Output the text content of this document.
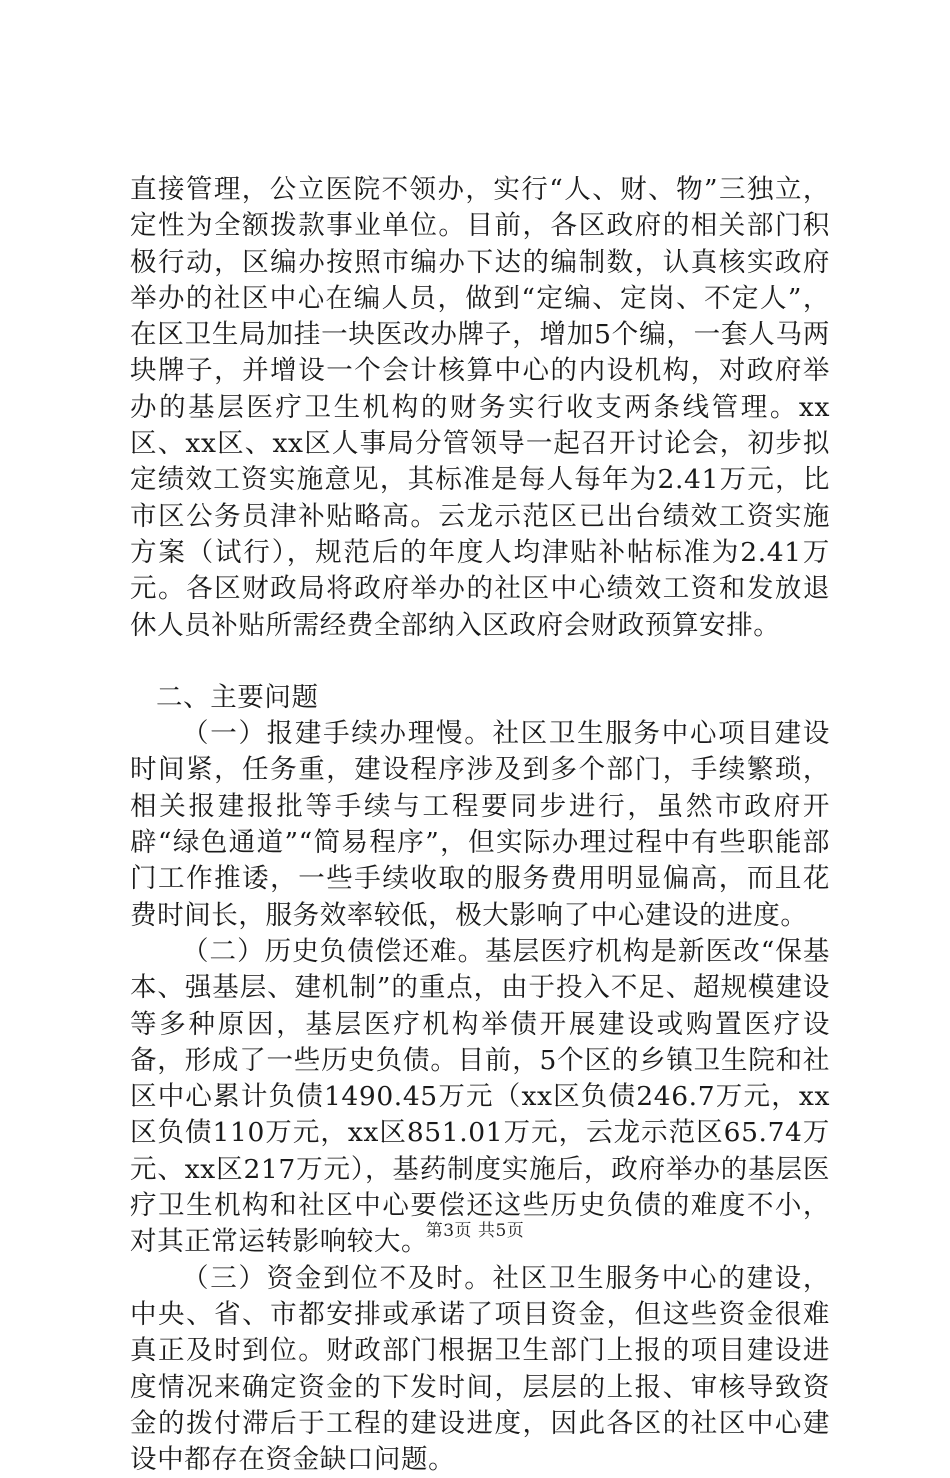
直接管理，公立医院不领办，实行“人、财、物”三独立，定性为全额拨款事业单位。目前，各区政府的相关部门积极行动，区编办按照市编办下达的编制数，认真核实政府举办的社区中心在编人员，做到“定编、定岗、不定人”，在区卫生局加挂一块医改办牌子，增加5个编，一套人马两块牌子，并增设一个会计核算中心的内设机构，对政府举办的基层医疗卫生机构的财务实行收支两条线管理。xx区、xx区、xx区人事局分管领导一起召开讨论会，初步拟定绩效工资实施意见，其标准是每人每年为2.41万元，比市区公务员津补贴略高。云龙示范区已出台绩效工资实施方案（试行），规范后的年度人均津贴补帖标准为2.41万元。各区财政局将政府举办的社区中心绩效工资和发放退休人员补贴所需经费全部纳入区政府会财政预算安排。

二、主要问题

（一）报建手续办理慢。社区卫生服务中心项目建设时间紧，任务重，建设程序涉及到多个部门，手续繁琐，相关报建报批等手续与工程要同步进行，虽然市政府开辟“绿色通道”“简易程序”，但实际办理过程中有些职能部门工作推诿，一些手续收取的服务费用明显偏高，而且花费时间长，服务效率较低，极大影响了中心建设的进度。

（二）历史负债偿还难。基层医疗机构是新医改“保基本、强基层、建机制”的重点，由于投入不足、超规模建设等多种原因，基层医疗机构举债开展建设或购置医疗设备，形成了一些历史负债。目前，5个区的乡镇卫生院和社区中心累计负债1490.45万元（xx区负债246.7万元，xx区负债110万元，xx区851.01万元，云龙示范区65.74万元、xx区217万元），基药制度实施后，政府举办的基层医疗卫生机构和社区中心要偿还这些历史负债的难度不小，对其正常运转影响较大。

（三）资金到位不及时。社区卫生服务中心的建设，中央、省、市都安排或承诺了项目资金，但这些资金很难真正及时到位。财政部门根据卫生部门上报的项目建设进度情况来确定资金的下发时间，层层的上报、审核导致资金的拨付滞后于工程的建设进度，因此各区的社区中心建设中都存在资金缺口问题。

第3页 共5页
